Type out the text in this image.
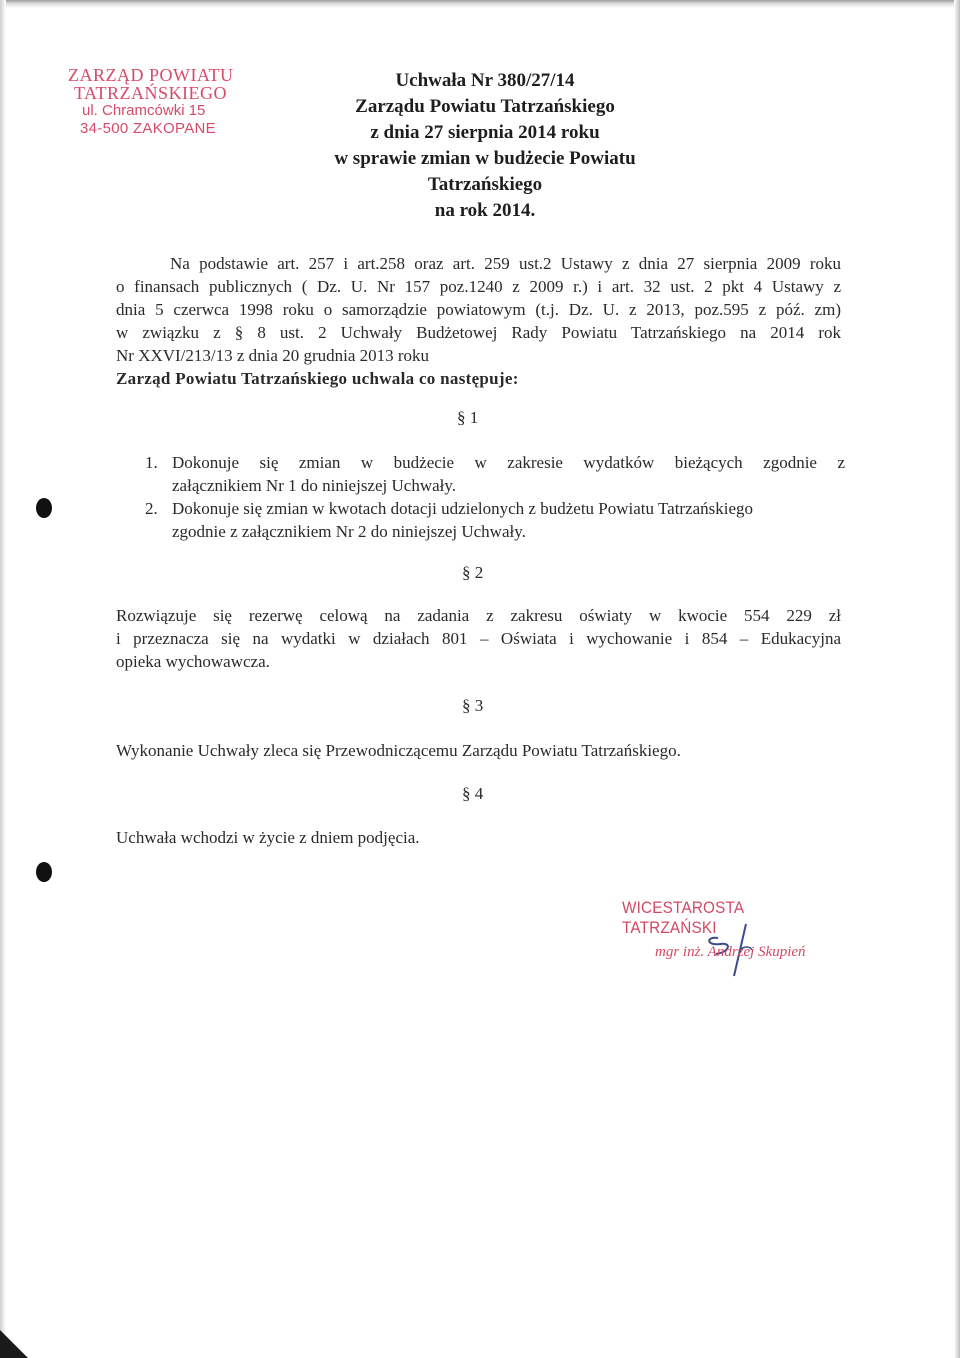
ZARZĄD POWIATU
TATRZAŃSKIEGO
ul. Chramcówki 15
34-500 ZAKOPANE
Uchwała Nr 380/27/14
Zarządu Powiatu Tatrzańskiego
z dnia 27 sierpnia 2014 roku
w sprawie zmian w budżecie Powiatu Tatrzańskiego
na rok 2014.
Na podstawie art. 257 i art.258 oraz art. 259 ust.2 Ustawy z dnia 27 sierpnia 2009 roku
o finansach publicznych ( Dz. U. Nr 157 poz.1240 z 2009 r.) i art. 32 ust. 2 pkt 4 Ustawy z
dnia 5 czerwca 1998 roku o samorządzie powiatowym (t.j. Dz. U. z 2013, poz.595 z póź. zm)
w związku z § 8 ust. 2 Uchwały Budżetowej Rady Powiatu Tatrzańskiego na 2014 rok
Nr XXVI/213/13 z dnia 20 grudnia 2013 roku
Zarząd Powiatu Tatrzańskiego uchwala co następuje:
§ 1
1. Dokonuje się zmian w budżecie w zakresie wydatków bieżących zgodnie z
załącznikiem Nr 1 do niniejszej Uchwały.
2. Dokonuje się zmian w kwotach dotacji udzielonych z budżetu Powiatu Tatrzańskiego
zgodnie z załącznikiem Nr 2 do niniejszej Uchwały.
§ 2
Rozwiązuje się rezerwę celową na zadania z zakresu oświaty w kwocie 554 229 zł
i przeznacza się na wydatki w działach 801 – Oświata i wychowanie i 854 – Edukacyjna
opieka wychowawcza.
§ 3
Wykonanie Uchwały zleca się Przewodniczącemu Zarządu Powiatu Tatrzańskiego.
§ 4
Uchwała wchodzi w życie z dniem podjęcia.
WICESTAROSTA TATRZAŃSKI
mgr inż. Andrzej Skupień
